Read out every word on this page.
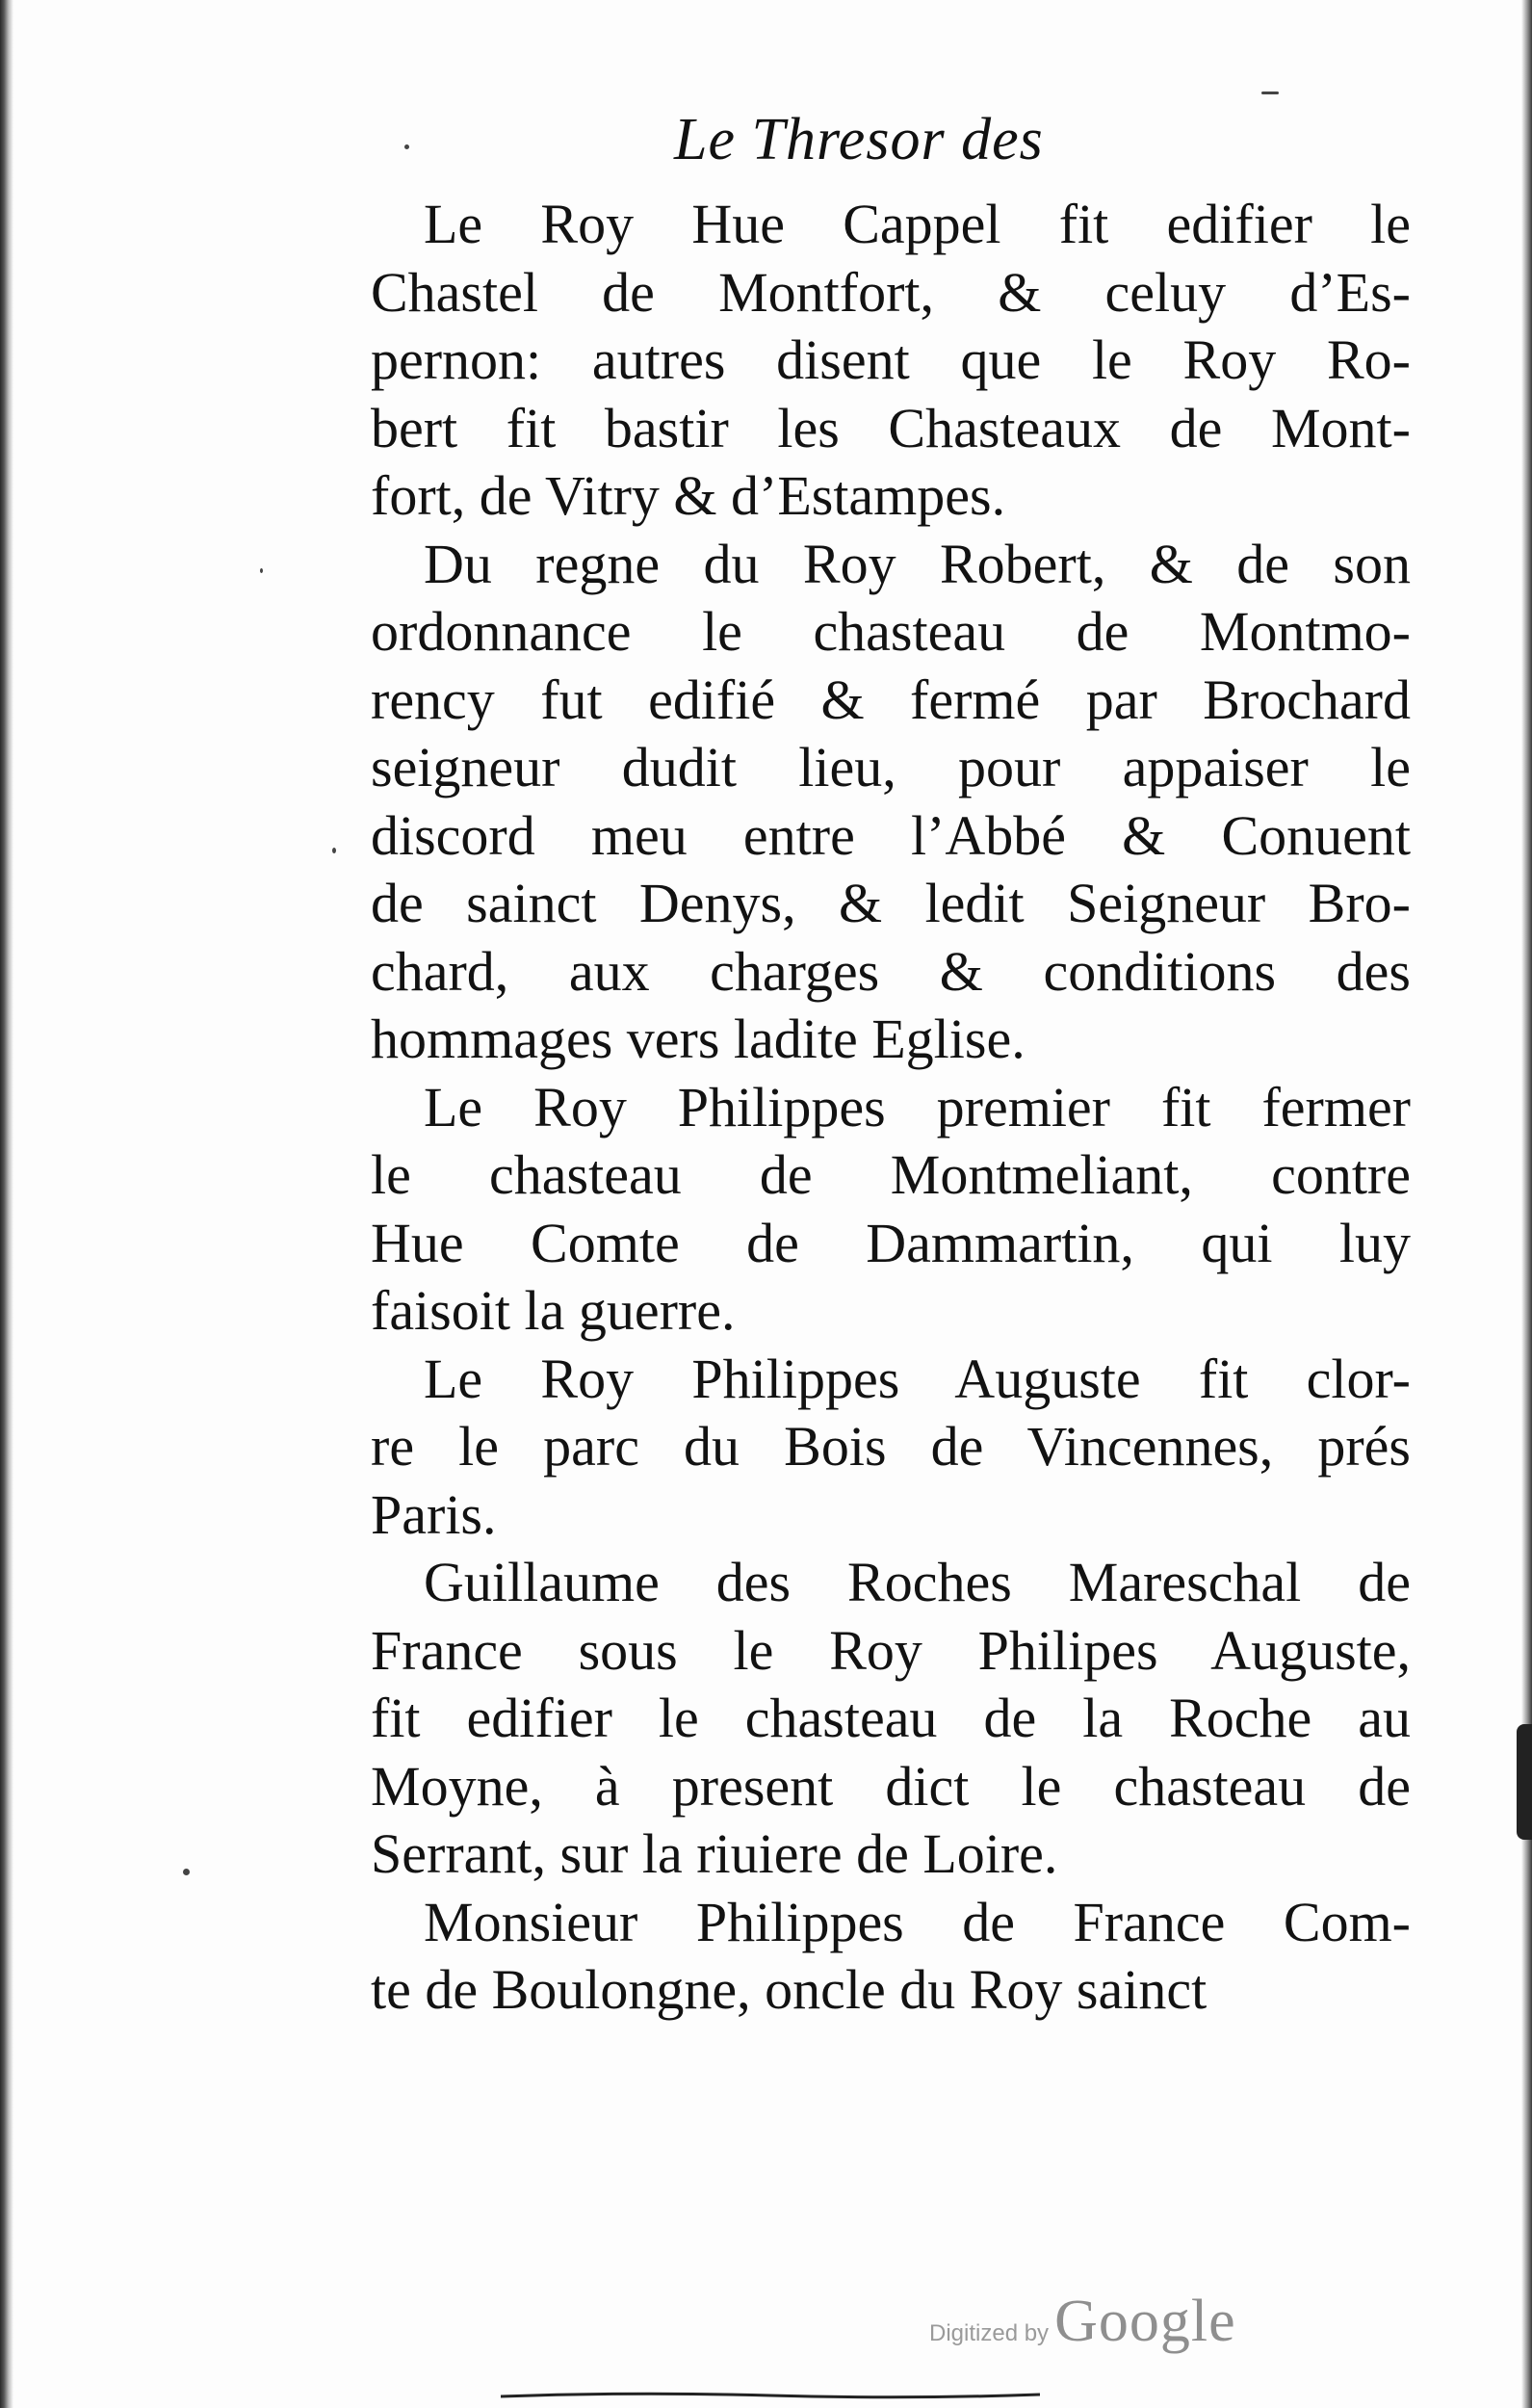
Le Thresor des
Le Roy Hue Cappel fit edifier le
Chastel de Montfort, & celuy d’Es-
pernon: autres disent que le Roy Ro-
bert fit bastir les Chasteaux de Mont-
fort, de Vitry & d’Estampes.
Du regne du Roy Robert, & de son
ordonnance le chasteau de Montmo-
rency fut edifié & fermé par Brochard
seigneur dudit lieu, pour appaiser le
discord meu entre l’Abbé & Conuent
de sainct Denys, & ledit Seigneur Bro-
chard, aux charges & conditions des
hommages vers ladite Eglise.
Le Roy Philippes premier fit fermer
le chasteau de Montmeliant, contre
Hue Comte de Dammartin, qui luy
faisoit la guerre.
Le Roy Philippes Auguste fit clor-
re le parc du Bois de Vincennes, prés
Paris.
Guillaume des Roches Mareschal de
France sous le Roy Philipes Auguste,
fit edifier le chasteau de la Roche au
Moyne, à present dict le chasteau de
Serrant, sur la riuiere de Loire.
Monsieur Philippes de France Com-
te de Boulongne, oncle du Roy sainct
Digitized by Google
